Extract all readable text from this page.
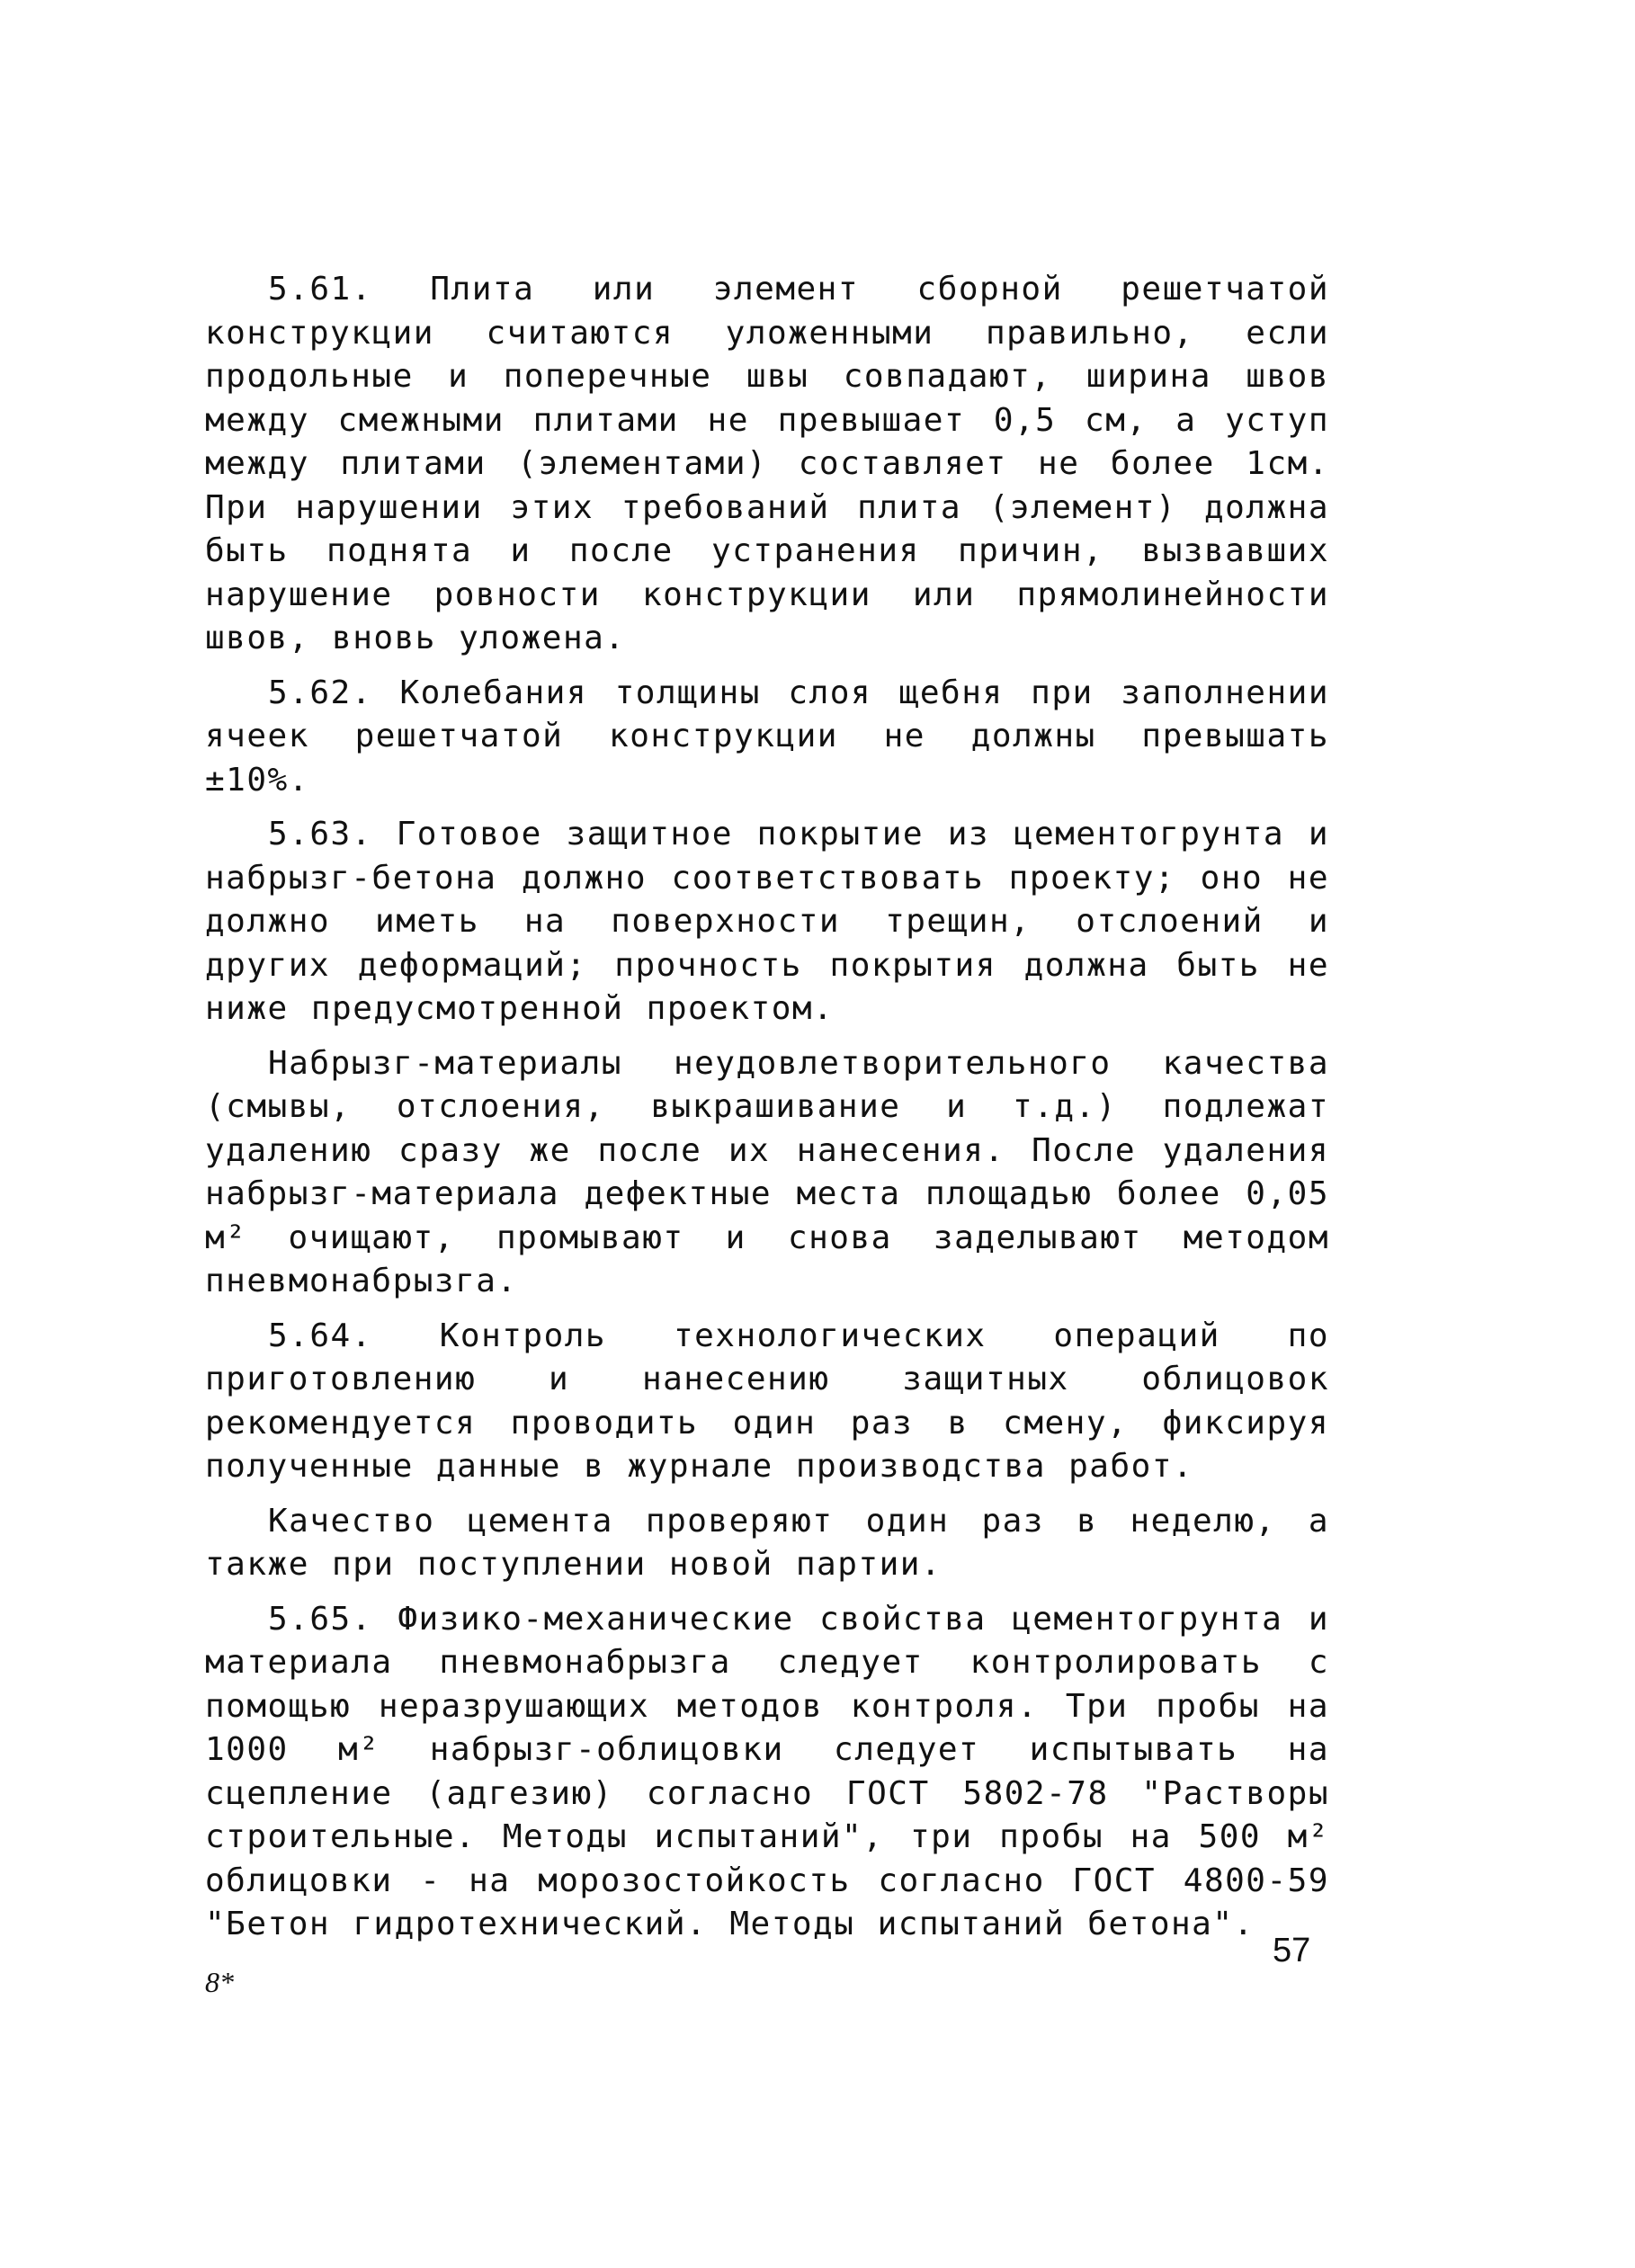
5.61. Плита или элемент сборной решетчатой конструкции считаются уложенными правильно, если продольные и поперечные швы совпадают, ширина швов между смежными плитами не превышает 0,5 см, а уступ между плитами (элементами) составляет не более 1см. При нарушении этих требований плита (элемент) должна быть поднята и после устранения причин, вызвавших нарушение ровности конструкции или прямолинейности швов, вновь уложена.

5.62. Колебания толщины слоя щебня при заполнении ячеек решетчатой конструкции не должны превышать ±10%.

5.63. Готовое защитное покрытие из цементогрунта и набрызг-бетона должно соответствовать проекту; оно не должно иметь на поверхности трещин, отслоений и других деформаций; прочность покрытия должна быть не ниже предусмотренной проектом.

Набрызг-материалы неудовлетворительного качества (смывы, отслоения, выкрашивание и т.д.) подлежат удалению сразу же после их нанесения. После удаления набрызг-материала дефектные места площадью более 0,05 м² очищают, промывают и снова заделывают методом пневмонабрызга.

5.64. Контроль технологических операций по приготовлению и нанесению защитных облицовок рекомендуется проводить один раз в смену, фиксируя полученные данные в журнале производства работ.

Качество цемента проверяют один раз в неделю, а также при поступлении новой партии.

5.65. Физико-механические свойства цементогрунта и материала пневмонабрызга следует контролировать с помощью неразрушающих методов контроля. Три пробы на 1000 м² набрызг-облицовки следует испытывать на сцепление (адгезию) согласно ГОСТ 5802-78 "Растворы строительные. Методы испытаний", три пробы на 500 м² облицовки - на морозостойкость согласно ГОСТ 4800-59 "Бетон гидротехнический. Методы испытаний бетона".

57
8*
